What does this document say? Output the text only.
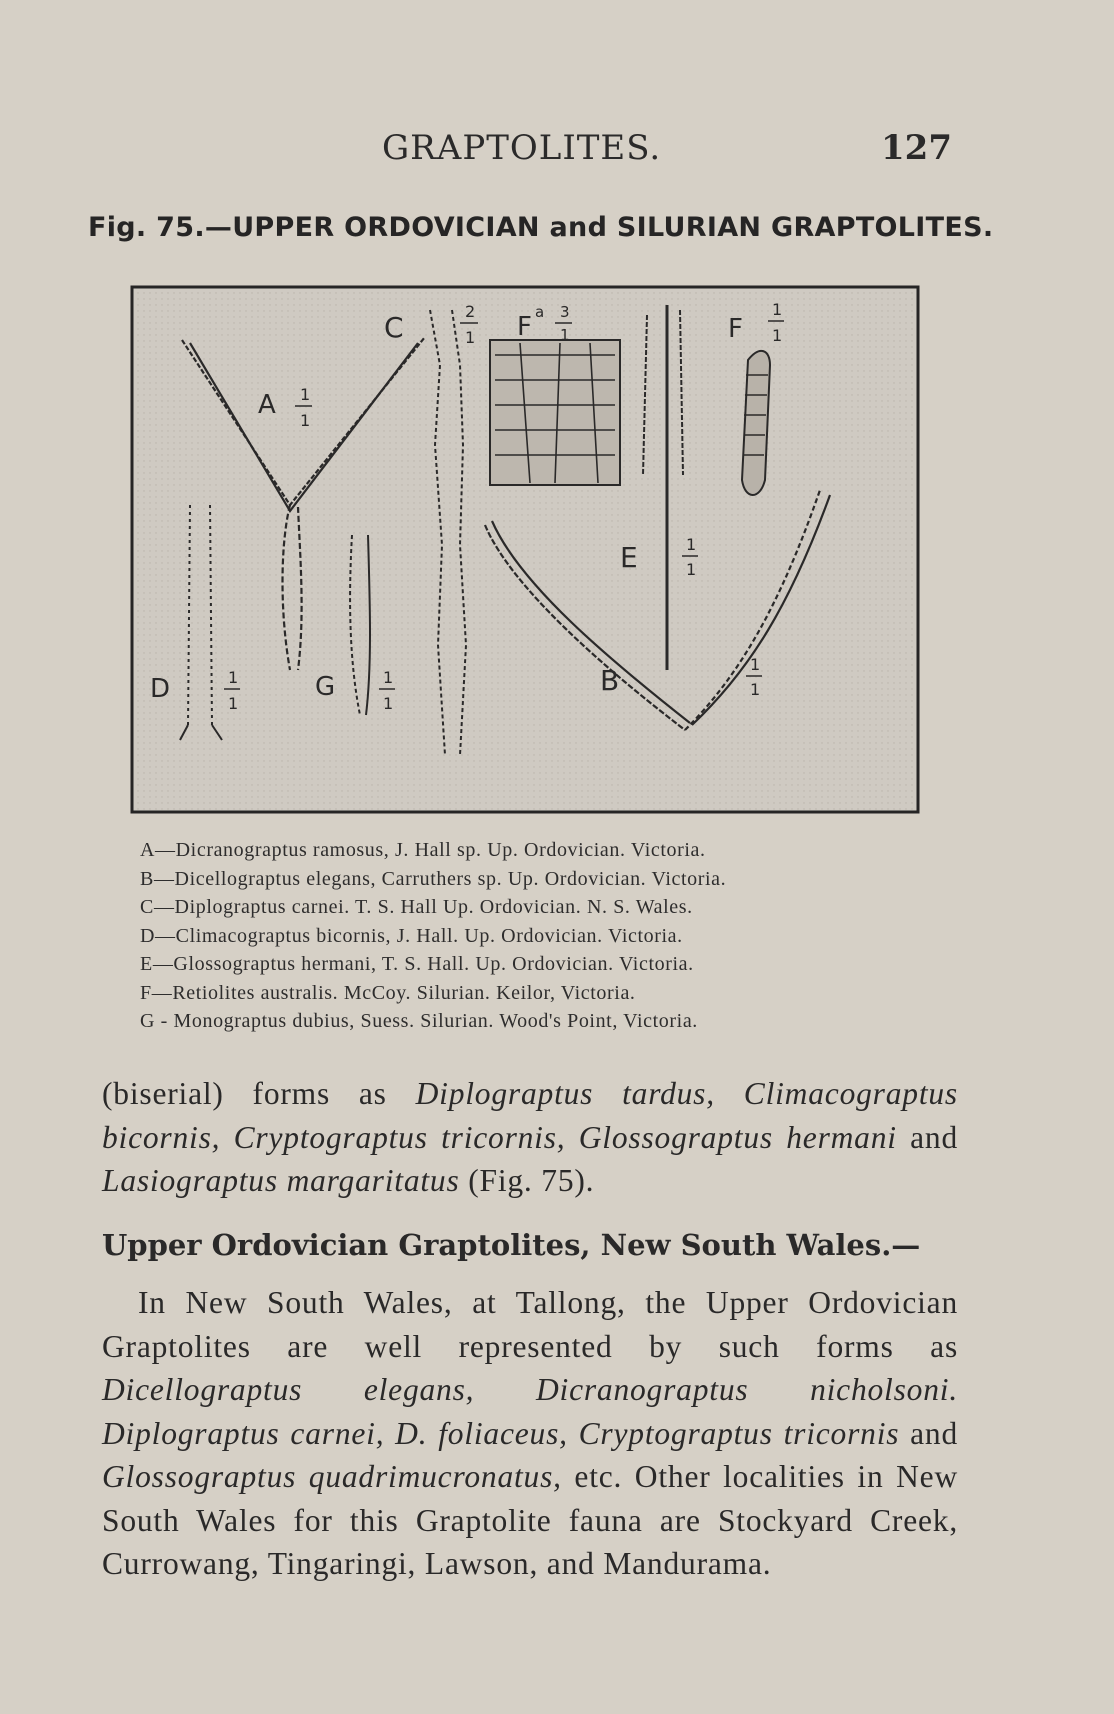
GRAPTOLITES.	127
Fig. 75.—UPPER ORDOVICIAN and SILURIAN GRAPTOLITES.
A 1
1
C	2
1 F a 3
1
E	1
1
F
1
1
B	1
1
D	1
1
G	1
1
A—Dicranograptus ramosus, J. Hall sp. Up. Ordovician. Victoria.
B—Dicellograptus elegans, Carruthers sp. Up. Ordovician. Victoria.
C—Diplograptus carnei. T. S. Hall Up. Ordovician. N. S. Wales.
D—Climacograptus bicornis, J. Hall. Up. Ordovician. Victoria.
E—Glossograptus hermani, T. S. Hall. Up. Ordovician. Victoria.
F—Retiolites australis. McCoy. Silurian. Keilor, Victoria.
G - Monograptus dubius, Suess. Silurian. Wood's Point, Victoria.
(biserial) forms as Diplograptus tardus, Climacograptus bicornis, Cryptograptus tricornis, Glossograptus hermani and Lasiograptus margaritatus (Fig. 75).
Upper Ordovician Graptolites, New South Wales.—
In New South Wales, at Tallong, the Upper Ordovician Graptolites are well represented by such forms as Dicellograptus elegans, Dicranograptus nicholsoni. Diplograptus carnei, D. foliaceus, Cryptograptus tricornis and Glossograptus quadrimucronatus, etc. Other localities in New South Wales for this Graptolite fauna are Stockyard Creek, Currowang, Tingaringi, Lawson, and Mandurama.
